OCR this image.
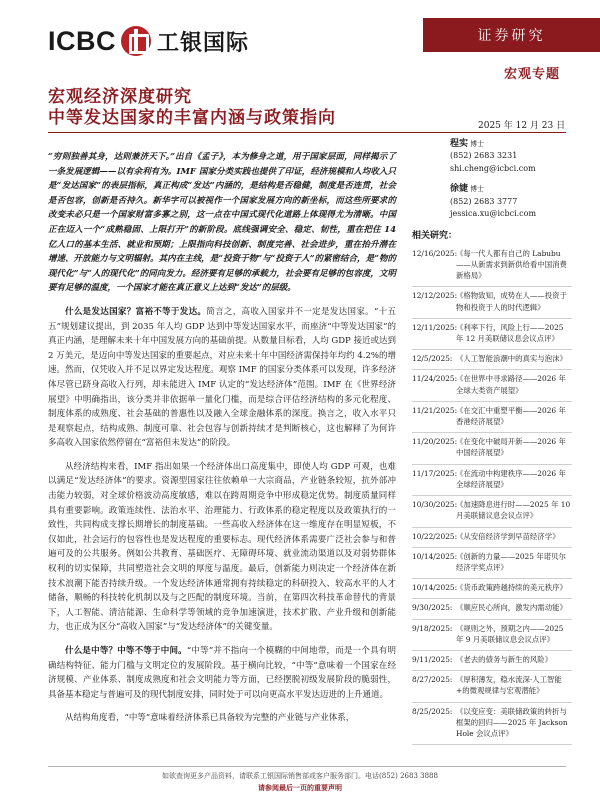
ICBC 工银国际	证券研究
宏观专题
宏观经济深度研究
中等发达国家的丰富内涵与政策指向	2025 年 12 月 23 日

“穷则独善其身，达则兼济天下。”出自《孟子》，本为修身之道，用于国家层面，同样揭示了一条发展逻辑——以有余利有为。IMF 国家分类实践也提供了印证，经济规模和人均收入只是“发达国家”的表层指标，真正构成“发达”内涵的，是结构是否稳健，制度是否连贯，社会是否包容，创新是否持久。新华字可以被视作一个国家发展方向的新坐标，而这些所要求的改变未必只是一个国家财富多寡之别，这一点在中国式现代化道路上体现得尤为清晰。中国正在迈入一个“成熟稳固、上限打开”的新阶段。底线强调安全、稳定、韧性，重在把住 14 亿人口的基本生活、就业和预期；上限指向科技创新、制度完善、社会进步，重在抬升潜在增速、开放能力与文明辐射。其内在主线，是“投资于物”与“投资于人”的紧密结合，是“物的现代化”与“人的现代化”的同向发力。经济要有足够的承载力，社会要有足够的包容度，文明要有足够的温度，一个国家才能在真正意义上达到“发达”的层级。

什么是发达国家？富裕不等于发达。简言之，高收入国家并不一定是发达国家。“十五五”规划建议提出，到 2035 年人均 GDP 达到中等发达国家水平，而座济“中等发达国家”的真正内涵，是理解未来十年中国发展方向的基础前提。从数量目标看，人均 GDP 接近或达到 2 万美元，是迈向中等发达国家的重要起点，对应未来十年中国经济需保持年均约 4.2%的增速。然而，仅凭收入并不足以界定发达程度。观察 IMF 的国家分类体系可以发现，许多经济体尽管已跻身高收入行列，却未能进入 IMF 认定的“发达经济体”范围。IMF 在《世界经济展望》中明确指出，该分类并非依据单一量化门槛，而是综合评估经济结构的多元化程度、制度体系的成熟度、社会基础的普惠性以及融入全球金融体系的深度。换言之，收入水平只是观察起点，结构成熟、制度可靠、社会包容与创新持续才是判断核心，这也解释了为何许多高收入国家依然停留在“富裕但未发达”的阶段。

从经济结构来看，IMF 指出如果一个经济体出口高度集中，即使人均 GDP 可观，也难以满足“发达经济体”的要求。资源型国家往往依赖单一大宗商品，产业链条较短，抗外部冲击能力较弱，对全球价格波动高度敏感，难以在跨周期竞争中形成稳定优势。制度质量同样具有重要影响。政策连续性、法治水平、治理能力、行政体系的稳定程度以及政策执行的一致性，共同构成支撑长期增长的制度基础。一些高收入经济体在这一维度存在明显短板，不仅如此，社会运行的包容性也是发达程度的重要标志。现代经济体系需要广泛社会参与和普遍可及的公共服务。例如公共教育、基础医疗、无障碍环境、就业流动渠道以及对弱势群体权利的切实保障，共同塑造社会文明的厚度与温度。最后，创新能力则决定一个经济体在新技术浪潮下能否持续升级。一个发达经济体通常拥有持续稳定的科研投入、较高水平的人才储备，顺畅的科技转化机制以及与之匹配的制度环境。当前，在第四次科技革命替代的背景下，人工智能、清洁能源、生命科学等领域的竞争加速演进，技术扩散、产业升级和创新能力，也正成为区分“高收入国家”与“发达经济体”的关键变量。

什么是中等？中等不等于中间。“中等”并不指向一个模糊的中间地带，而是一个具有明确结构特征、能力门槛与文明定位的发展阶段。基于横向比较，“中等”意味着一个国家在经济规模、产业体系、制度成熟度和社会文明能力等方面，已经摆脱初级发展阶段的脆弱性，具备基本稳定与普遍可及的现代制度安排，同时处于可以向更高水平发达迈进的上升通道。

从结构角度看，“中等”意味着经济体系已具备较为完整的产业链与产业体系，

程实 博士
(852) 2683 3231
shi.cheng@icbci.com
徐婕 博士
(852) 2683 3777
jessica.xu@icbci.com
相关研究：
12/16/2025:
《每一代人都有自己的 Labubu——从新需求到新供给看中国消费新格局》
12/12/2025:
《格物致知，成势在人——投资于物和投资于人的时代逻辑》
12/11/2025:
《利率下行，风险上行——2025 年 12 月美联储议息会议点评》
12/5/2025: 《人工智能浪潮中的真实与泡沫》
11/24/2025:
《在世界中寻求路径——2026 年全球大类资产展望》
11/21/2025:
《在交汇中重塑平衡——2026 年香港经济展望》
11/20/2025:
《在变化中破局开新——2026 年中国经济展望》
11/17/2025:
《在流动中构建秩序——2026 年全球经济展望》
10/30/2025:
《加速降息进行时——2025 年 10 月美联储议息会议点评》
10/22/2025:
《从安倍经济学到早苗经济学》
10/14/2025:
《创新的力量——2025 年诺贝尔经济学奖点评》
10/14/2025:
《货币政策跨越持续的美元秩序》
9/30/2025: 《顺应民心所向，激发内需动能》
9/18/2025: 《规则之外，预期之内——2025 年 9 月美联储议息会议点评》
9/11/2025: 《老去的债务与新生的风险》
8/27/2025: 《厚积薄发，稳水流深·人工智能+的微观规律与宏观潜能》
8/25/2025: 《以变应变：美联储政策的转折与框架的回归——2025 年 Jackson Hole 会议点评》
如欲查询更多产品资料，请联系工银国际销售部或客户服务部门。电话(852) 2683 3888
请参阅最后一页的重要声明
